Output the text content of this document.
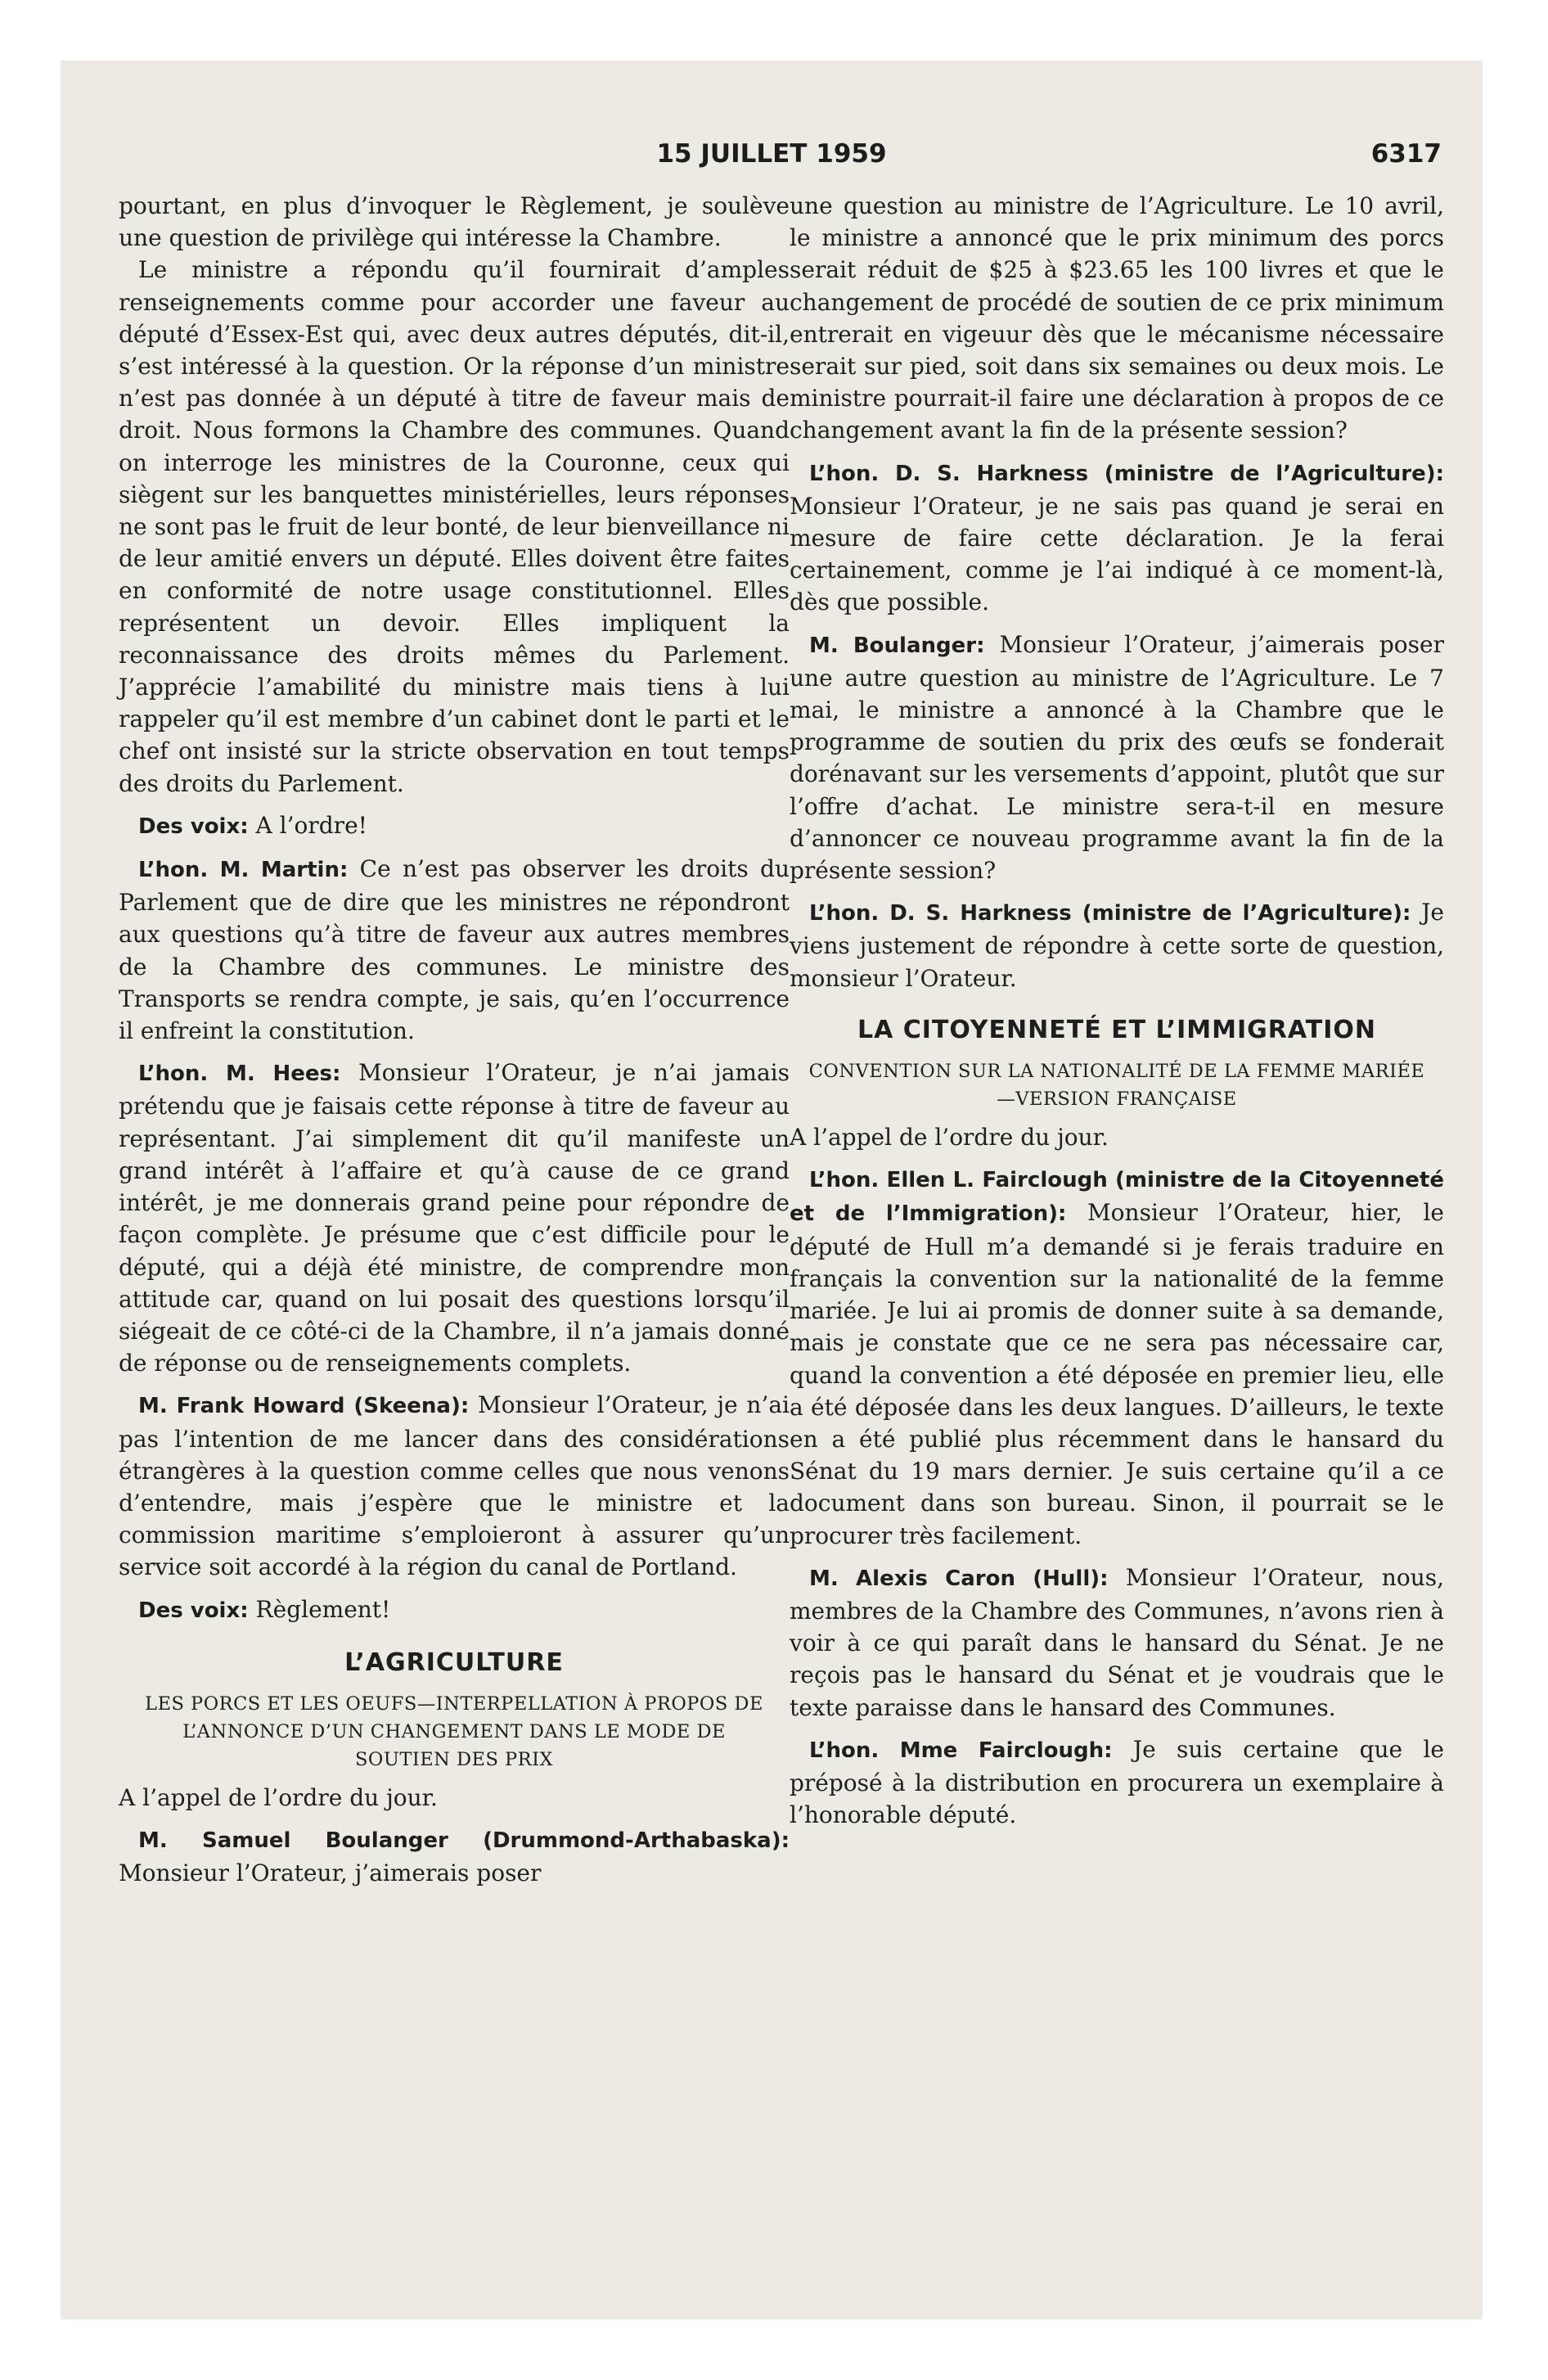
15 JUILLET 1959	6317

pourtant, en plus d’invoquer le Règlement, je soulève une question de privilège qui intéresse la Chambre.

Le ministre a répondu qu’il fournirait d’amples renseignements comme pour accorder une faveur au député d’Essex-Est qui, avec deux autres députés, dit-il, s’est intéressé à la question. Or la réponse d’un ministre n’est pas donnée à un député à titre de faveur mais de droit. Nous formons la Chambre des communes. Quand on interroge les ministres de la Couronne, ceux qui siègent sur les banquettes ministérielles, leurs réponses ne sont pas le fruit de leur bonté, de leur bienveillance ni de leur amitié envers un député. Elles doivent être faites en conformité de notre usage constitutionnel. Elles représentent un devoir. Elles impliquent la reconnaissance des droits mêmes du Parlement. J’apprécie l’amabilité du ministre mais tiens à lui rappeler qu’il est membre d’un cabinet dont le parti et le chef ont insisté sur la stricte observation en tout temps des droits du Parlement.

Des voix: A l’ordre!

L’hon. M. Martin: Ce n’est pas observer les droits du Parlement que de dire que les ministres ne répondront aux questions qu’à titre de faveur aux autres membres de la Chambre des communes. Le ministre des Transports se rendra compte, je sais, qu’en l’occurrence il enfreint la constitution.

L’hon. M. Hees: Monsieur l’Orateur, je n’ai jamais prétendu que je faisais cette réponse à titre de faveur au représentant. J’ai simplement dit qu’il manifeste un grand intérêt à l’affaire et qu’à cause de ce grand intérêt, je me donnerais grand peine pour répondre de façon complète. Je présume que c’est difficile pour le député, qui a déjà été ministre, de comprendre mon attitude car, quand on lui posait des questions lorsqu’il siégeait de ce côté-ci de la Chambre, il n’a jamais donné de réponse ou de renseignements complets.

M. Frank Howard (Skeena): Monsieur l’Orateur, je n’ai pas l’intention de me lancer dans des considérations étrangères à la question comme celles que nous venons d’entendre, mais j’espère que le ministre et la commission maritime s’emploieront à assurer qu’un service soit accordé à la région du canal de Portland.

Des voix: Règlement!

L’AGRICULTURE
LES PORCS ET LES OEUFS—INTERPELLATION À PROPOS DE L’ANNONCE D’UN CHANGEMENT DANS LE MODE DE SOUTIEN DES PRIX

A l’appel de l’ordre du jour.

M. Samuel Boulanger (Drummond-Arthabaska): Monsieur l’Orateur, j’aimerais poser

une question au ministre de l’Agriculture. Le 10 avril, le ministre a annoncé que le prix minimum des porcs serait réduit de $25 à $23.65 les 100 livres et que le changement de procédé de soutien de ce prix minimum entrerait en vigeuur dès que le mécanisme nécessaire serait sur pied, soit dans six semaines ou deux mois. Le ministre pourrait-il faire une déclaration à propos de ce changement avant la fin de la présente session?

L’hon. D. S. Harkness (ministre de l’Agriculture): Monsieur l’Orateur, je ne sais pas quand je serai en mesure de faire cette déclaration. Je la ferai certainement, comme je l’ai indiqué à ce moment-là, dès que possible.

M. Boulanger: Monsieur l’Orateur, j’aimerais poser une autre question au ministre de l’Agriculture. Le 7 mai, le ministre a annoncé à la Chambre que le programme de soutien du prix des œufs se fonderait dorénavant sur les versements d’appoint, plutôt que sur l’offre d’achat. Le ministre sera-t-il en mesure d’annoncer ce nouveau programme avant la fin de la présente session?

L’hon. D. S. Harkness (ministre de l’Agriculture): Je viens justement de répondre à cette sorte de question, monsieur l’Orateur.

LA CITOYENNETÉ ET L’IMMIGRATION
CONVENTION SUR LA NATIONALITÉ DE LA FEMME MARIÉE—VERSION FRANÇAISE

A l’appel de l’ordre du jour.

L’hon. Ellen L. Fairclough (ministre de la Citoyenneté et de l’Immigration): Monsieur l’Orateur, hier, le député de Hull m’a demandé si je ferais traduire en français la convention sur la nationalité de la femme mariée. Je lui ai promis de donner suite à sa demande, mais je constate que ce ne sera pas nécessaire car, quand la convention a été déposée en premier lieu, elle a été déposée dans les deux langues. D’ailleurs, le texte en a été publié plus récemment dans le hansard du Sénat du 19 mars dernier. Je suis certaine qu’il a ce document dans son bureau. Sinon, il pourrait se le procurer très facilement.

M. Alexis Caron (Hull): Monsieur l’Orateur, nous, membres de la Chambre des Communes, n’avons rien à voir à ce qui paraît dans le hansard du Sénat. Je ne reçois pas le hansard du Sénat et je voudrais que le texte paraisse dans le hansard des Communes.

L’hon. Mme Fairclough: Je suis certaine que le préposé à la distribution en procurera un exemplaire à l’honorable député.
